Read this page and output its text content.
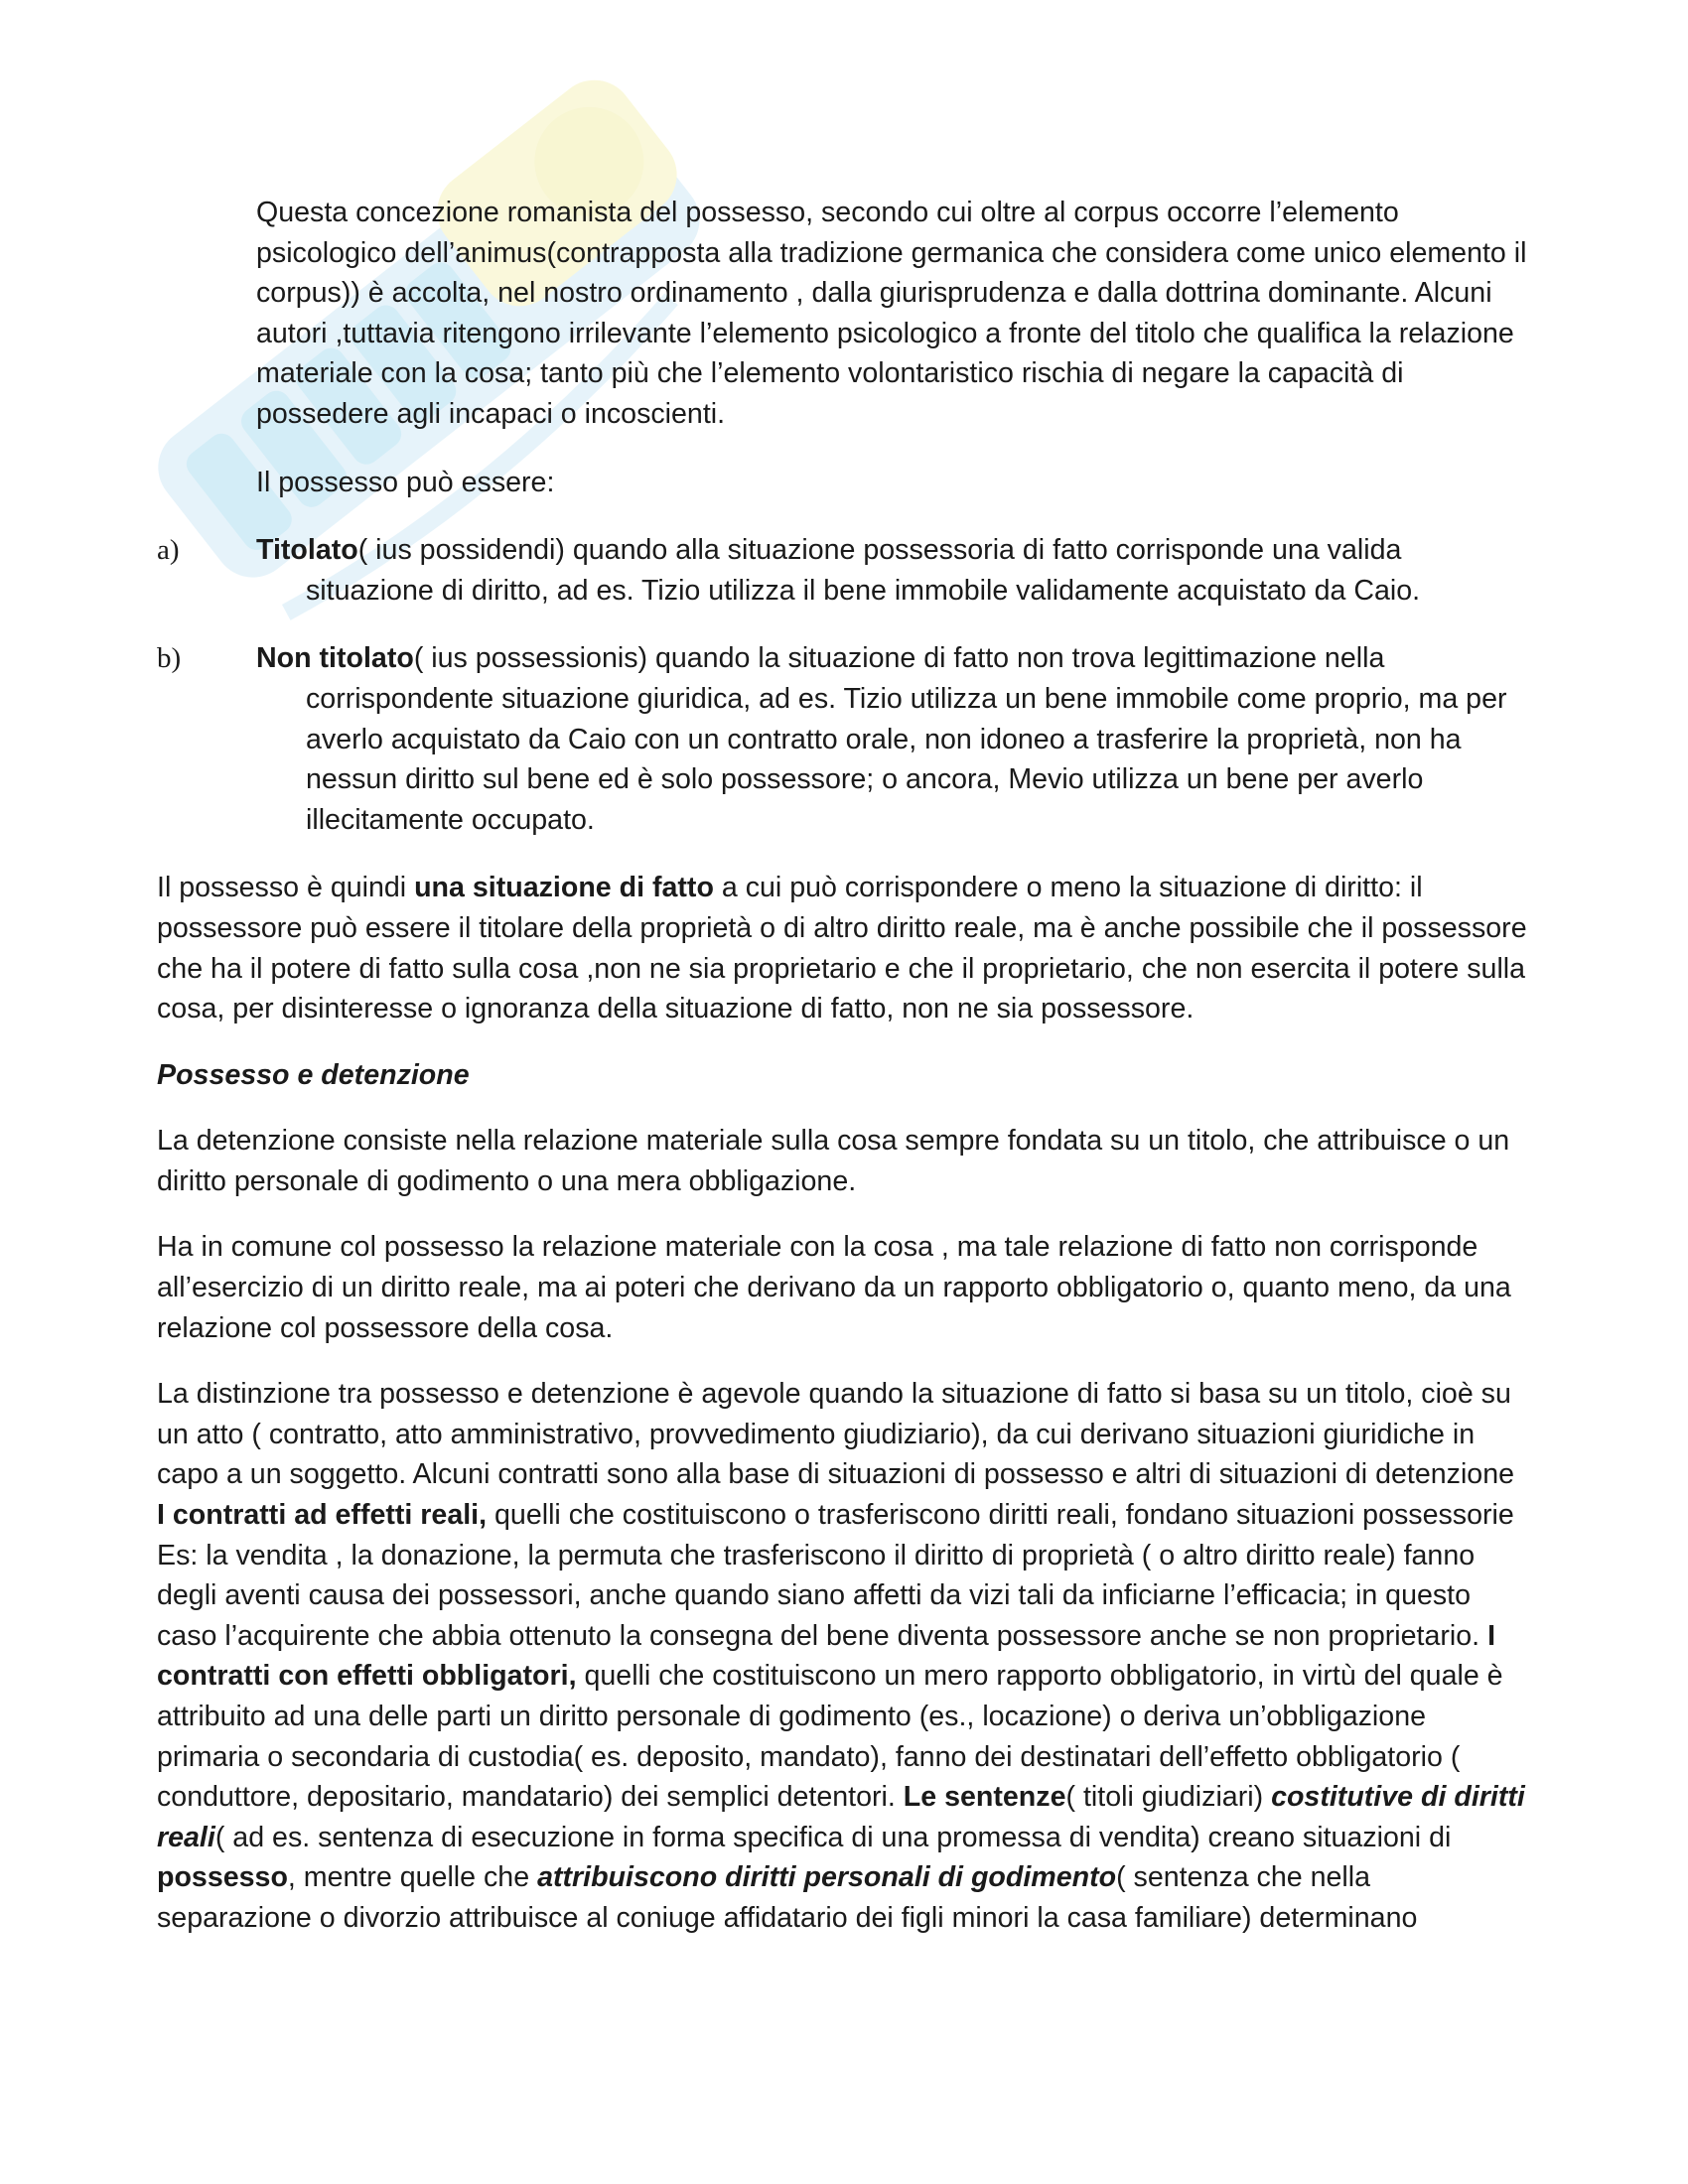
Questa concezione romanista del possesso, secondo cui oltre al corpus occorre l’elemento psicologico dell’animus(contrapposta alla tradizione germanica che considera come unico elemento il corpus)) è accolta, nel nostro ordinamento , dalla giurisprudenza e dalla dottrina dominante. Alcuni autori ,tuttavia ritengono irrilevante l’elemento psicologico a fronte del titolo che qualifica la relazione materiale con la cosa; tanto più che l’elemento volontaristico rischia di negare la capacità di possedere agli incapaci o incoscienti.

Il possesso può essere:

a)	Titolato( ius possidendi) quando alla situazione possessoria di fatto corrisponde una valida situazione di diritto, ad es. Tizio utilizza il bene immobile validamente acquistato da Caio.

b)	Non titolato( ius possessionis) quando la situazione di fatto non trova legittimazione nella corrispondente situazione giuridica, ad es. Tizio utilizza un bene immobile come proprio, ma per averlo acquistato da Caio con un contratto orale, non idoneo a trasferire la proprietà, non ha nessun diritto sul bene ed è solo possessore; o ancora, Mevio utilizza un bene per averlo illecitamente occupato.

Il possesso è quindi una situazione di fatto a cui può corrispondere o meno la situazione di diritto: il possessore può essere il titolare della proprietà o di altro diritto reale, ma è anche possibile che il possessore che ha il potere di fatto sulla cosa ,non ne sia proprietario e che il proprietario, che non esercita il potere sulla cosa, per disinteresse o ignoranza della situazione di fatto, non ne sia possessore.

Possesso e detenzione

La detenzione consiste nella relazione materiale sulla cosa sempre fondata su un titolo, che attribuisce o un diritto personale di godimento o una mera obbligazione.

Ha in comune col possesso la relazione materiale con la cosa , ma tale relazione di fatto non corrisponde all’esercizio di un diritto reale, ma ai poteri che derivano da un rapporto obbligatorio o, quanto meno, da una relazione col possessore della cosa.

La distinzione tra possesso e detenzione è agevole quando la situazione di fatto si basa su un titolo, cioè su un atto ( contratto, atto amministrativo, provvedimento giudiziario), da cui derivano situazioni giuridiche in capo a un soggetto. Alcuni contratti sono alla base di situazioni di possesso e altri di situazioni di detenzione I contratti ad effetti reali, quelli che costituiscono o trasferiscono diritti reali, fondano situazioni possessorie Es: la vendita , la donazione, la permuta che trasferiscono il diritto di proprietà ( o altro diritto reale) fanno degli aventi causa dei possessori, anche quando siano affetti da vizi tali da inficiarne l’efficacia; in questo caso l’acquirente che abbia ottenuto la consegna del bene diventa possessore anche se non proprietario. I contratti con effetti obbligatori, quelli che costituiscono un mero rapporto obbligatorio, in virtù del quale è attribuito ad una delle parti un diritto personale di godimento (es., locazione) o deriva un’obbligazione primaria o secondaria di custodia( es. deposito, mandato), fanno dei destinatari dell’effetto obbligatorio ( conduttore, depositario, mandatario) dei semplici detentori. Le sentenze( titoli giudiziari) costitutive di diritti reali( ad es. sentenza di esecuzione in forma specifica di una promessa di vendita) creano situazioni di possesso, mentre quelle che attribuiscono diritti personali di godimento( sentenza che nella separazione o divorzio attribuisce al coniuge affidatario dei figli minori la casa familiare) determinano
